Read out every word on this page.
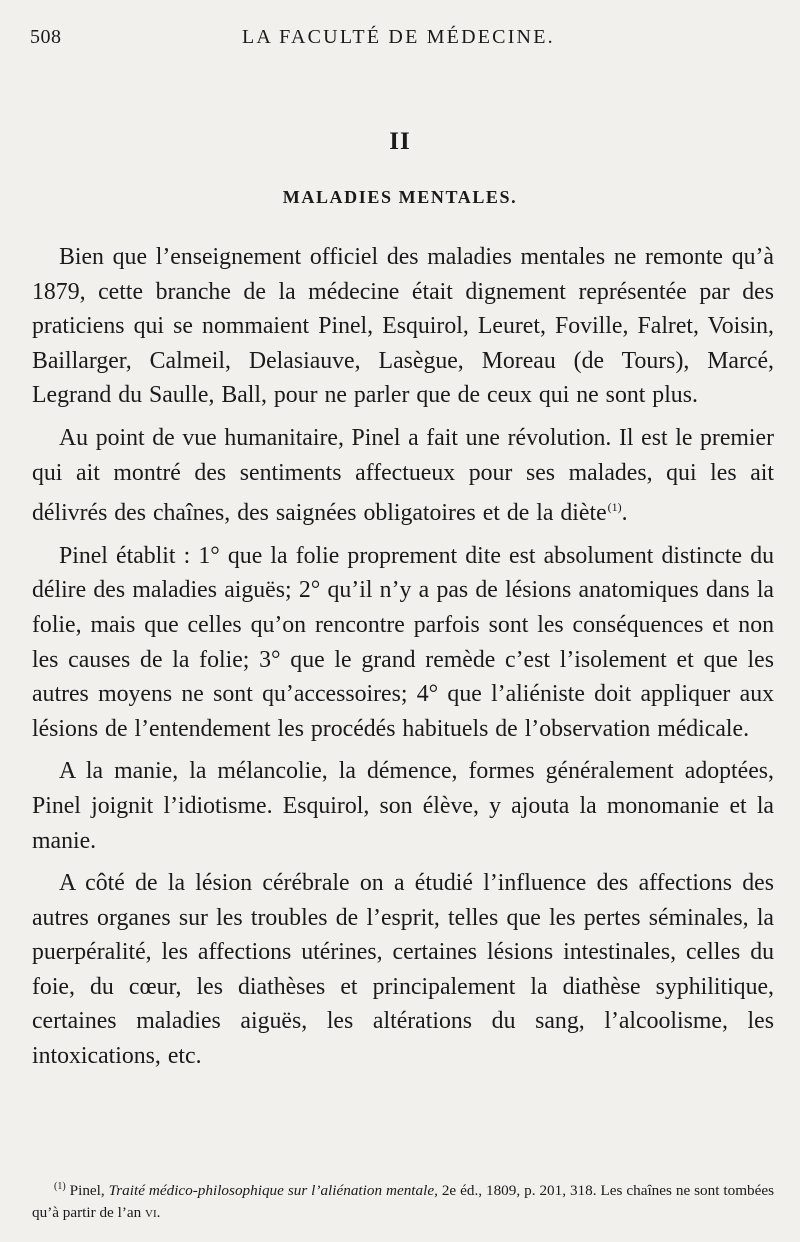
508	LA FACULTÉ DE MÉDECINE.
II
MALADIES MENTALES.

Bien que l’enseignement officiel des maladies mentales ne remonte qu’à 1879, cette branche de la médecine était dignement représentée par des praticiens qui se nommaient Pinel, Esquirol, Leuret, Foville, Falret, Voisin, Baillarger, Calmeil, Delasiauve, Lasègue, Moreau (de Tours), Marcé, Legrand du Saulle, Ball, pour ne parler que de ceux qui ne sont plus.

Au point de vue humanitaire, Pinel a fait une révolution. Il est le premier qui ait montré des sentiments affectueux pour ses malades, qui les ait délivrés des chaînes, des saignées obligatoires et de la diète$^{(1)}$.

Pinel établit : 1° que la folie proprement dite est absolument distincte du délire des maladies aiguës; 2° qu’il n’y a pas de lésions anatomiques dans la folie, mais que celles qu’on rencontre parfois sont les conséquences et non les causes de la folie; 3° que le grand remède c’est l’isolement et que les autres moyens ne sont qu’accessoires; 4° que l’aliéniste doit appliquer aux lésions de l’entendement les procédés habituels de l’observation médicale.

A la manie, la mélancolie, la démence, formes généralement adoptées, Pinel joignit l’idiotisme. Esquirol, son élève, y ajouta la monomanie et la manie.

A côté de la lésion cérébrale on a étudié l’influence des affections des autres organes sur les troubles de l’esprit, telles que les pertes séminales, la puerpéralité, les affections utérines, certaines lésions intestinales, celles du foie, du cœur, les diathèses et principalement la diathèse syphilitique, certaines maladies aiguës, les altérations du sang, l’alcoolisme, les intoxications, etc.

$^{(1)}$ Pinel, Traité médico-philosophique sur l’aliénation mentale, 2e éd., 1809, p. 201, 318. Les chaînes ne sont tombées qu’à partir de l’an vi.
